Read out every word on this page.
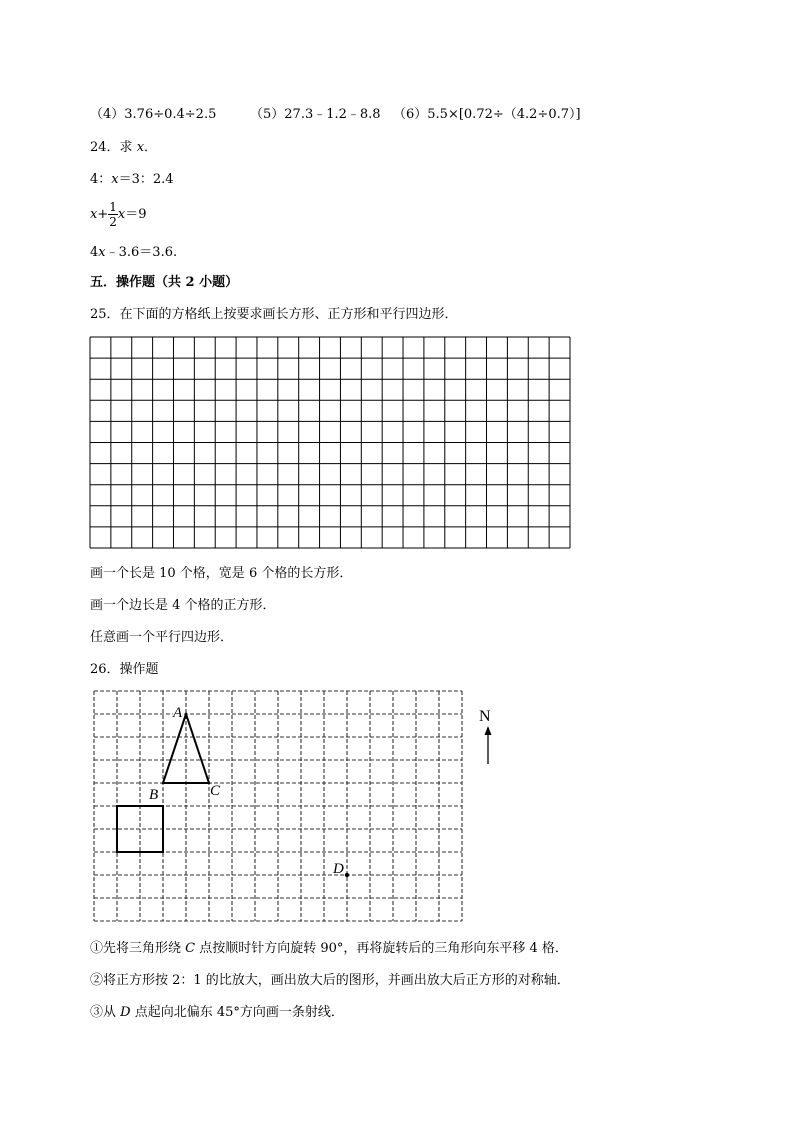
（4）3.76÷0.4÷2.5	（5）27.3﹣1.2﹣8.8 （6）5.5×[0.72÷（4.2÷0.7）]
24．求 x．
4：x＝3：2.4
$x+ \frac{1}{2} x=9$
4x﹣3.6＝3.6.
五．操作题（共 2 小题）
25．在下面的方格纸上按要求画长方形、正方形和平行四边形．
画一个长是 10 个格，宽是 6 个格的长方形．
画一个边长是 4 个格的正方形．
任意画一个平行四边形．
26．操作题
A
B	C
D
N
①先将三角形绕 C 点按顺时针方向旋转 90°，再将旋转后的三角形向东平移 4 格．
②将正方形按 2：1 的比放大，画出放大后的图形，并画出放大后正方形的对称轴．
③从 D 点起向北偏东 45°方向画一条射线．
